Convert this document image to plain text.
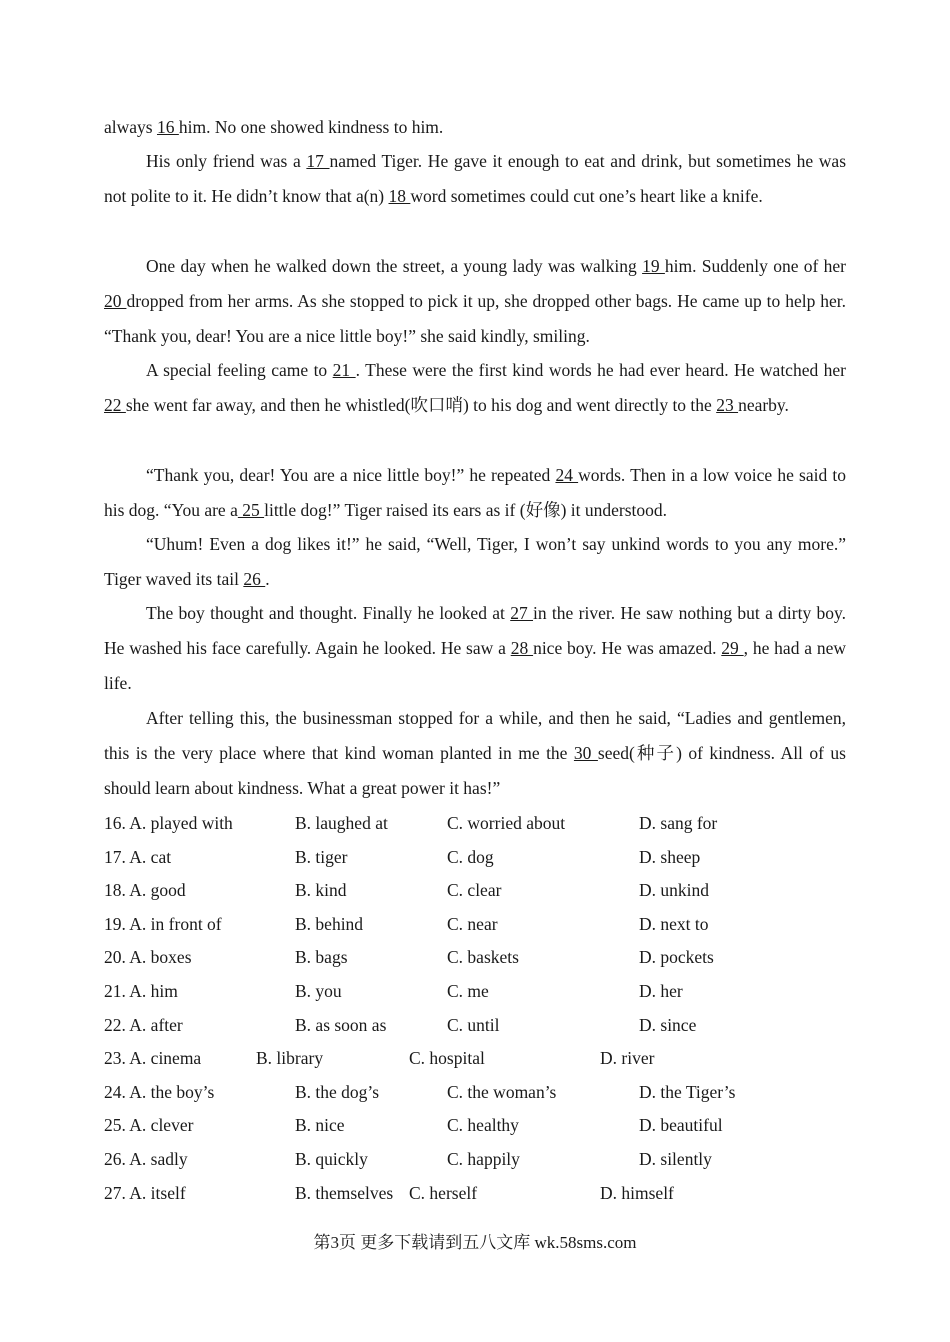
always 16 him. No one showed kindness to him.

His only friend was a 17 named Tiger. He gave it enough to eat and drink, but sometimes he was not polite to it. He didn’t know that a(n) 18 word sometimes could cut one’s heart like a knife.

One day when he walked down the street, a young lady was walking 19 him. Suddenly one of her 20 dropped from her arms. As she stopped to pick it up, she dropped other bags. He came up to help her. “Thank you, dear! You are a nice little boy!” she said kindly, smiling.

A special feeling came to 21 . These were the first kind words he had ever heard. He watched her 22 she went far away, and then he whistled(吹口哨) to his dog and went directly to the 23 nearby.

“Thank you, dear! You are a nice little boy!” he repeated 24 words. Then in a low voice he said to his dog. “You are a 25 little dog!” Tiger raised its ears as if (好像) it understood.

“Uhum! Even a dog likes it!” he said, “Well, Tiger, I won’t say unkind words to you any more.” Tiger waved its tail 26 .

The boy thought and thought. Finally he looked at 27 in the river. He saw nothing but a dirty boy. He washed his face carefully. Again he looked. He saw a 28 nice boy. He was amazed. 29 , he had a new life.

After telling this, the businessman stopped for a while, and then he said, “Ladies and gentlemen, this is the very place where that kind woman planted in me the 30 seed(种子) of kindness. All of us should learn about kindness. What a great power it has!”

16. A. played with	B. laughed at	C. worried about	D. sang for
17. A. cat	B. tiger	C. dog	D. sheep
18. A. good	B. kind	C. clear	D. unkind
19. A. in front of	B. behind	C. near	D. next to
20. A. boxes	B. bags	C. baskets	D. pockets
21. A. him	B. you	C. me	D. her
22. A. after	B. as soon as	C. until	D. since
23. A. cinema	B. library	C. hospital	D. river
24. A. the boy’s	B. the dog’s	C. the woman’s	D. the Tiger’s
25. A. clever	B. nice	C. healthy	D. beautiful
26. A. sadly	B. quickly	C. happily	D. silently
27. A. itself	B. themselves C. herself	D. himself
第3页 更多下载请到五八文库 wk.58sms.com
